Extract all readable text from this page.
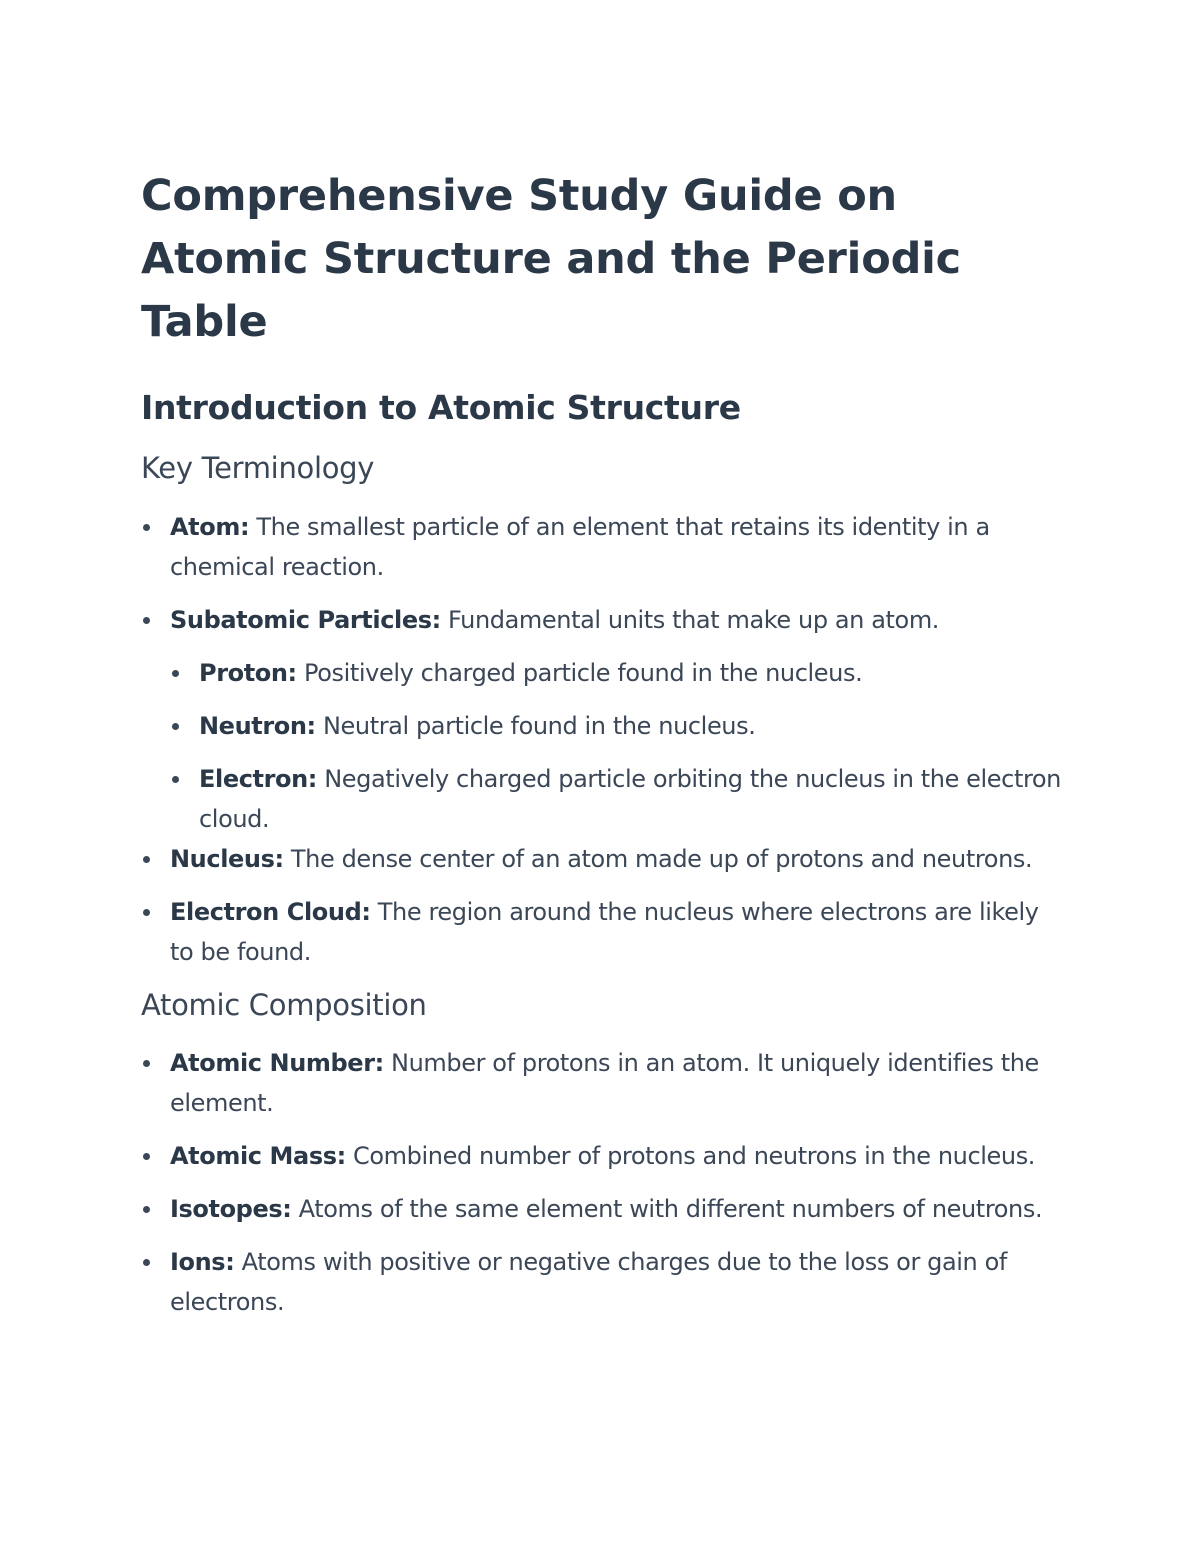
Comprehensive Study Guide on Atomic Structure and the Periodic Table
Introduction to Atomic Structure
Key Terminology
Atom: The smallest particle of an element that retains its identity in a chemical reaction.
Subatomic Particles: Fundamental units that make up an atom.
Proton: Positively charged particle found in the nucleus.
Neutron: Neutral particle found in the nucleus.
Electron: Negatively charged particle orbiting the nucleus in the electron cloud.
Nucleus: The dense center of an atom made up of protons and neutrons.
Electron Cloud: The region around the nucleus where electrons are likely to be found.
Atomic Composition
Atomic Number: Number of protons in an atom. It uniquely identifies the element.
Atomic Mass: Combined number of protons and neutrons in the nucleus.
Isotopes: Atoms of the same element with different numbers of neutrons.
Ions: Atoms with positive or negative charges due to the loss or gain of electrons.
